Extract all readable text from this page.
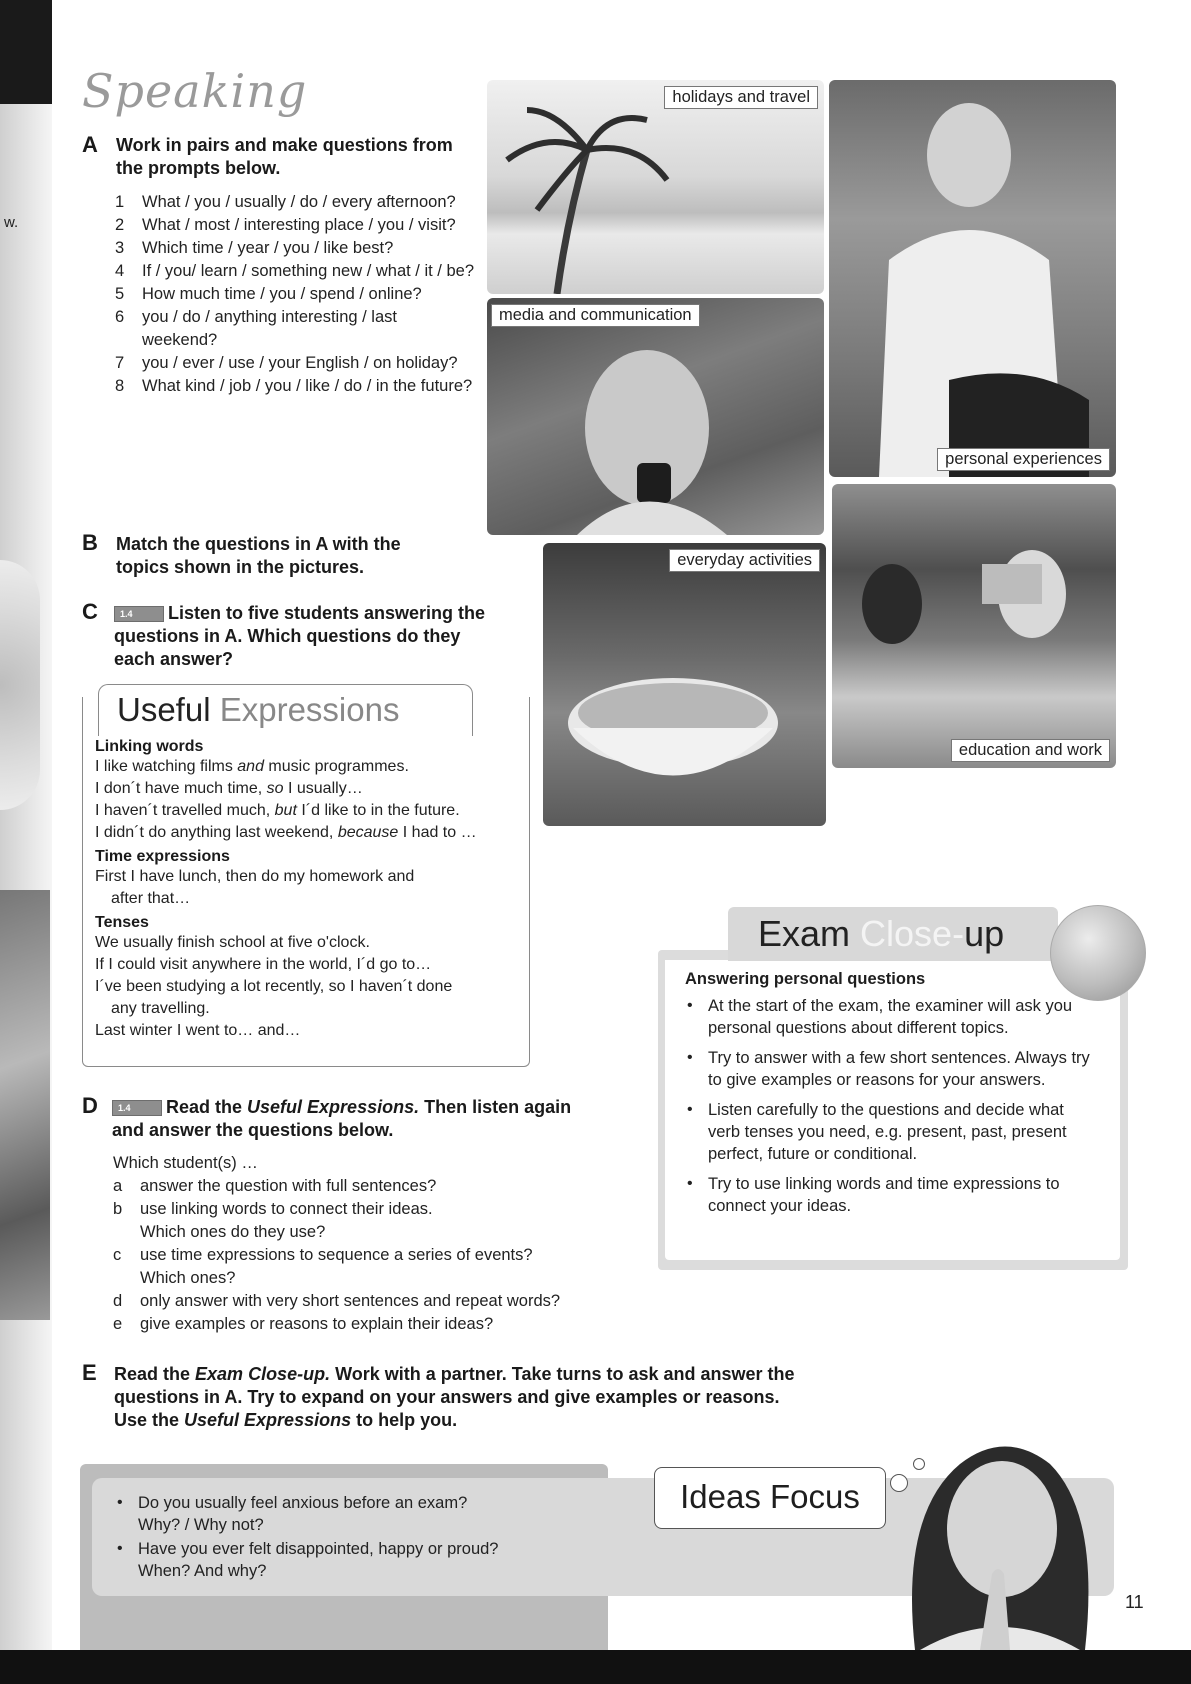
w.
Speaking
A Work in pairs and make questions from the prompts below.
1 What / you / usually / do / every afternoon?
2 What / most / interesting place / you / visit?
3 Which time / year / you / like best?
4 If / you/ learn / something new / what / it / be?
5 How much time / you / spend / online?
6 you / do / anything interesting / last weekend?
7 you / ever / use / your English / on holiday?
8 What kind / job / you / like / do / in the future?
B Match the questions in A with the topics shown in the pictures.
C	1.4 Listen to five students answering the questions in A. Which questions do they each answer?
holidays and travel
media and communication
personal experiences
everyday activities
education and work
Useful Expressions
Linking words
I like watching films and music programmes.
I don´t have much time, so I usually…
I haven´t travelled much, but I´d like to in the future.
I didn´t do anything last weekend, because I had to …
Time expressions
First I have lunch, then do my homework and
after that…
Tenses
We usually finish school at five o'clock.
If I could visit anywhere in the world, I´d go to…
I´ve been studying a lot recently, so I haven´t done
any travelling.
Last winter I went to… and…
D	1.4 Read the Useful Expressions. Then listen again
and answer the questions below.
Which student(s) …
a answer the question with full sentences?
b use linking words to connect their ideas.
Which ones do they use?
c use time expressions to sequence a series of events?
Which ones?
d only answer with very short sentences and repeat words?
e give examples or reasons to explain their ideas?
Exam Close-up
Answering personal questions
• At the start of the exam, the examiner will ask you personal questions about different topics.
• Try to answer with a few short sentences. Always try to give examples or reasons for your answers.
• Listen carefully to the questions and decide what verb tenses you need, e.g. present, past, present perfect, future or conditional.
• Try to use linking words and time expressions to connect your ideas.
E Read the Exam Close-up. Work with a partner. Take turns to ask and answer the
questions in A. Try to expand on your answers and give examples or reasons.
Use the Useful Expressions to help you.
• Do you usually feel anxious before an exam?
Why? / Why not?
• Have you ever felt disappointed, happy or proud?
When? And why?
Ideas Focus
11
